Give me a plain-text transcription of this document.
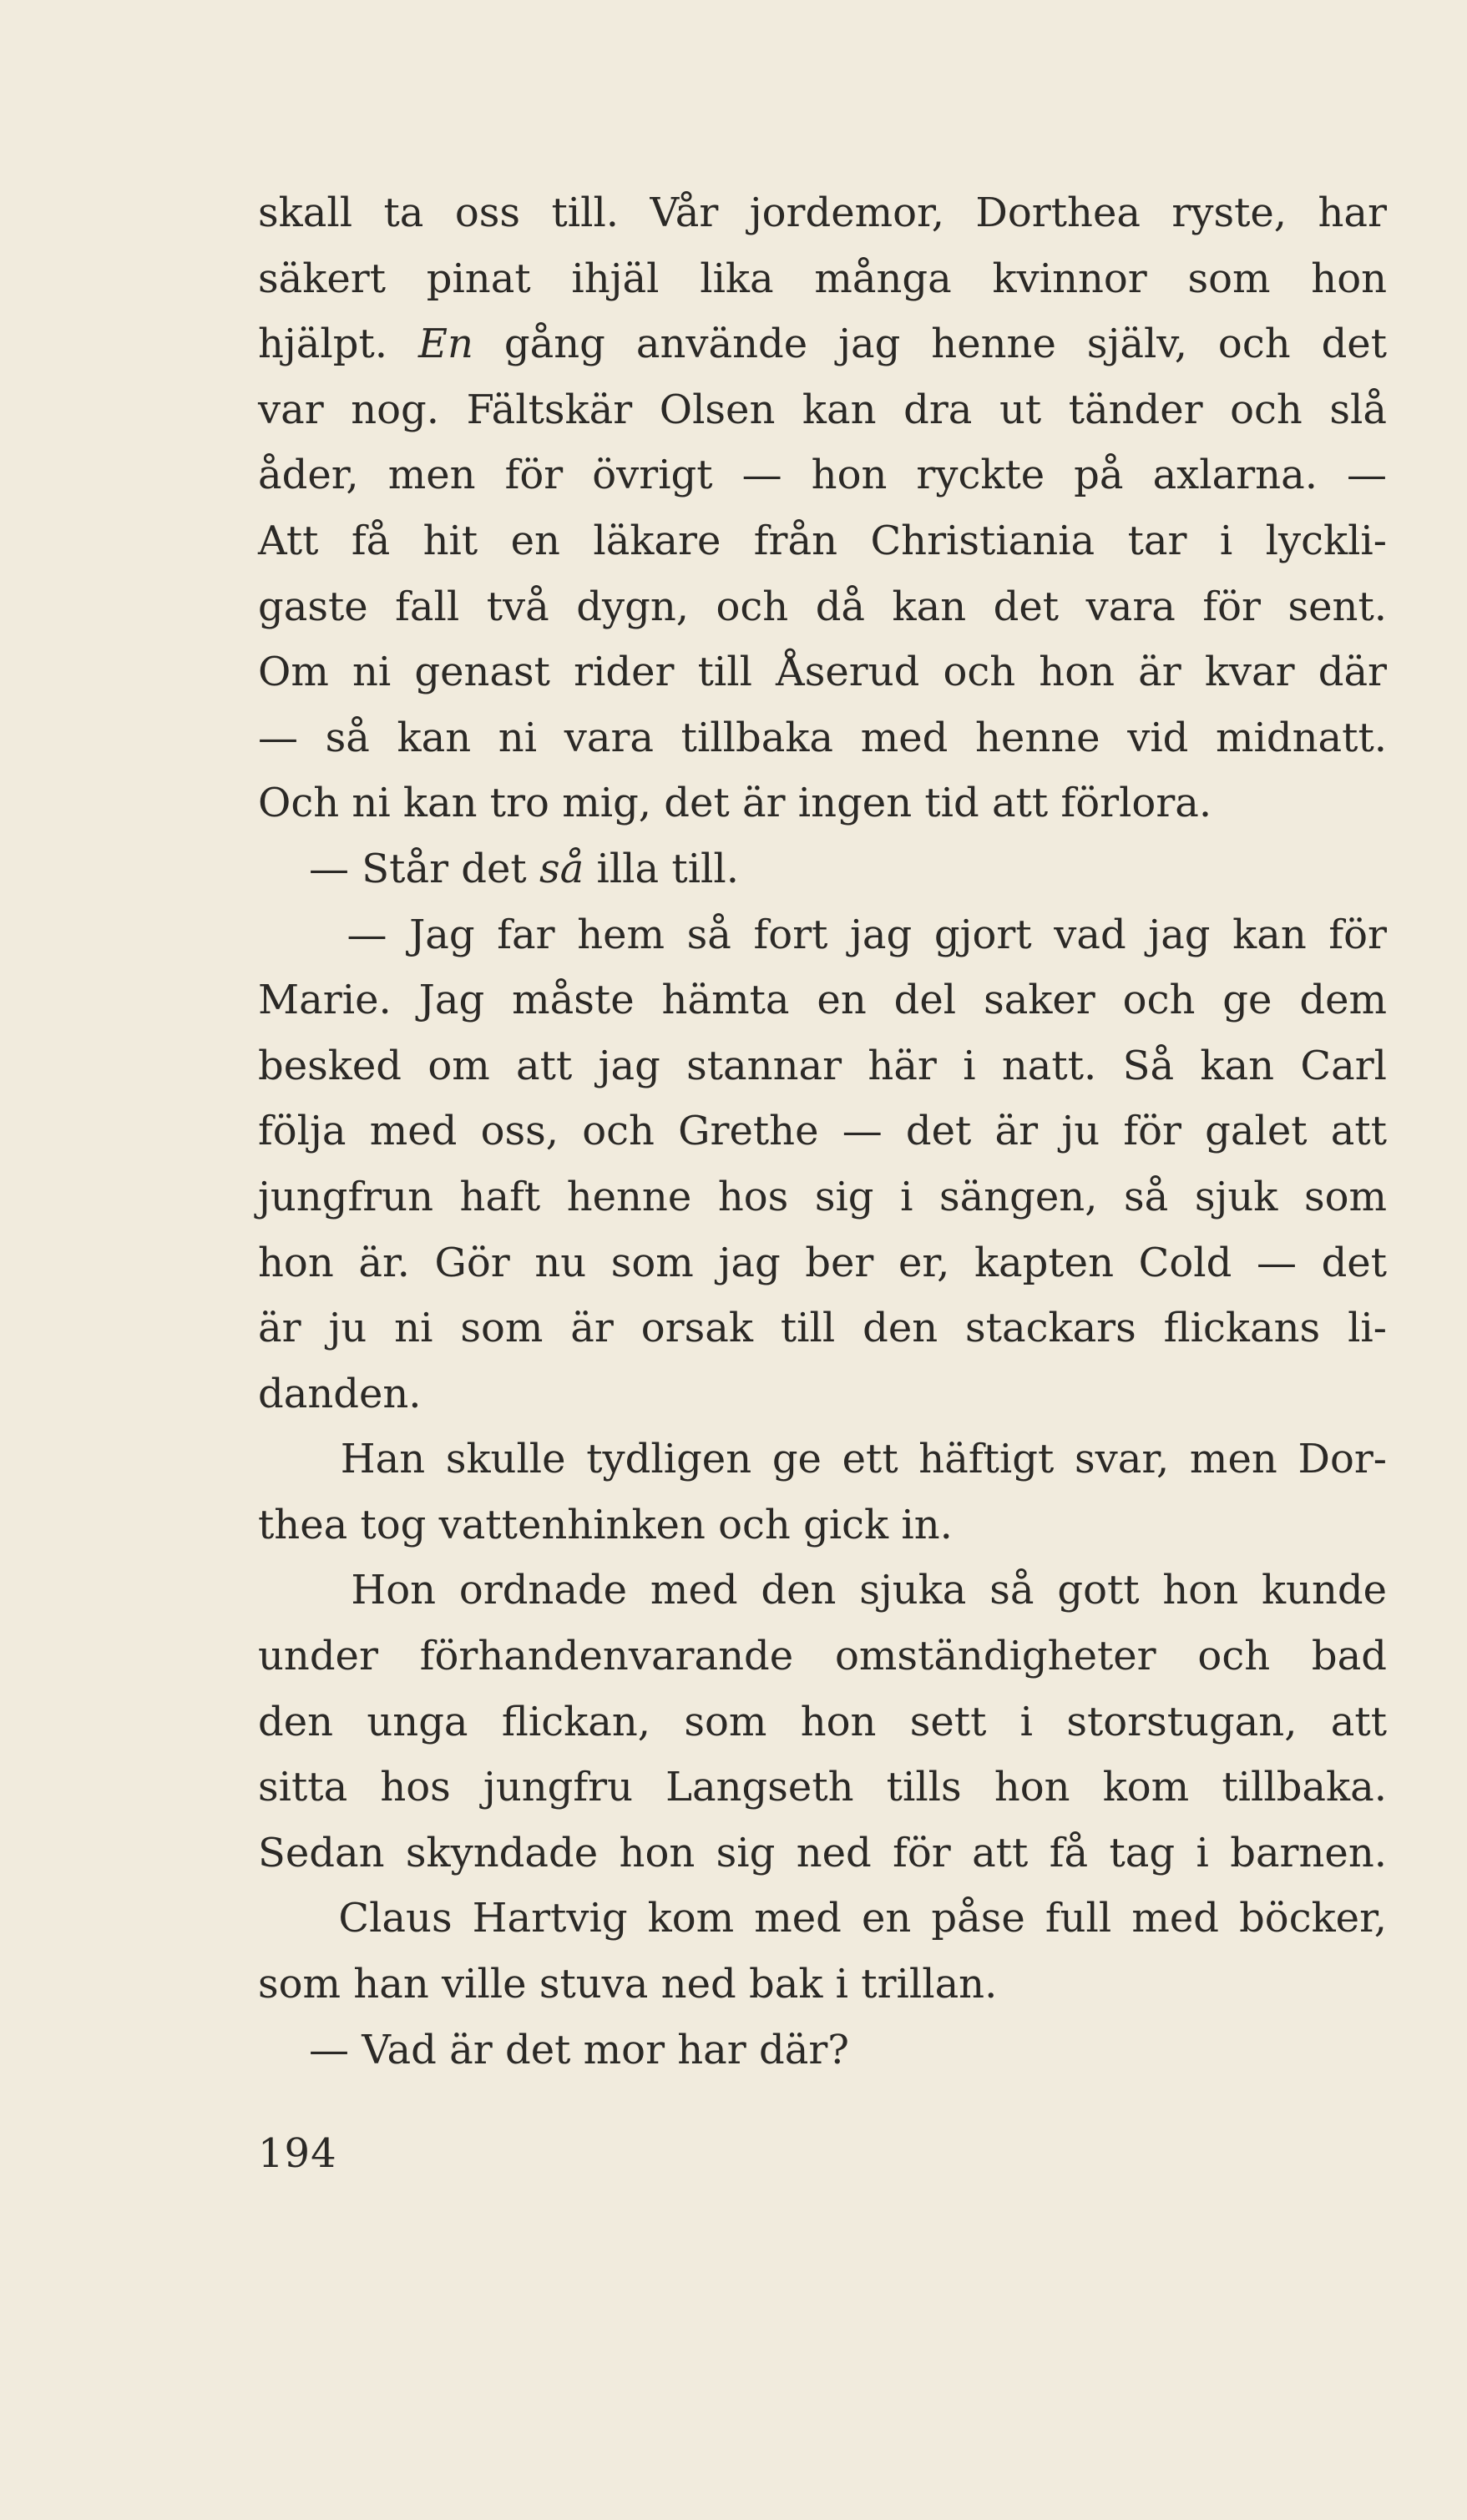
skall ta oss till. Vår jordemor, Dorthea ryste, har
säkert pinat ihjäl lika många kvinnor som hon
hjälpt. En gång använde jag henne själv, och det
var nog. Fältskär Olsen kan dra ut tänder och slå
åder, men för övrigt — hon ryckte på axlarna. —
Att få hit en läkare från Christiania tar i lyckli-
gaste fall två dygn, och då kan det vara för sent.
Om ni genast rider till Åserud och hon är kvar där
— så kan ni vara tillbaka med henne vid midnatt.
Och ni kan tro mig, det är ingen tid att förlora.
— Står det så illa till.
— Jag far hem så fort jag gjort vad jag kan för
Marie. Jag måste hämta en del saker och ge dem
besked om att jag stannar här i natt. Så kan Carl
följa med oss, och Grethe — det är ju för galet att
jungfrun haft henne hos sig i sängen, så sjuk som
hon är. Gör nu som jag ber er, kapten Cold — det
är ju ni som är orsak till den stackars flickans li-
danden.
Han skulle tydligen ge ett häftigt svar, men Dor-
thea tog vattenhinken och gick in.
Hon ordnade med den sjuka så gott hon kunde
under förhandenvarande omständigheter och bad
den unga flickan, som hon sett i storstugan, att
sitta hos jungfru Langseth tills hon kom tillbaka.
Sedan skyndade hon sig ned för att få tag i barnen.
Claus Hartvig kom med en påse full med böcker,
som han ville stuva ned bak i trillan.
— Vad är det mor har där?
194
